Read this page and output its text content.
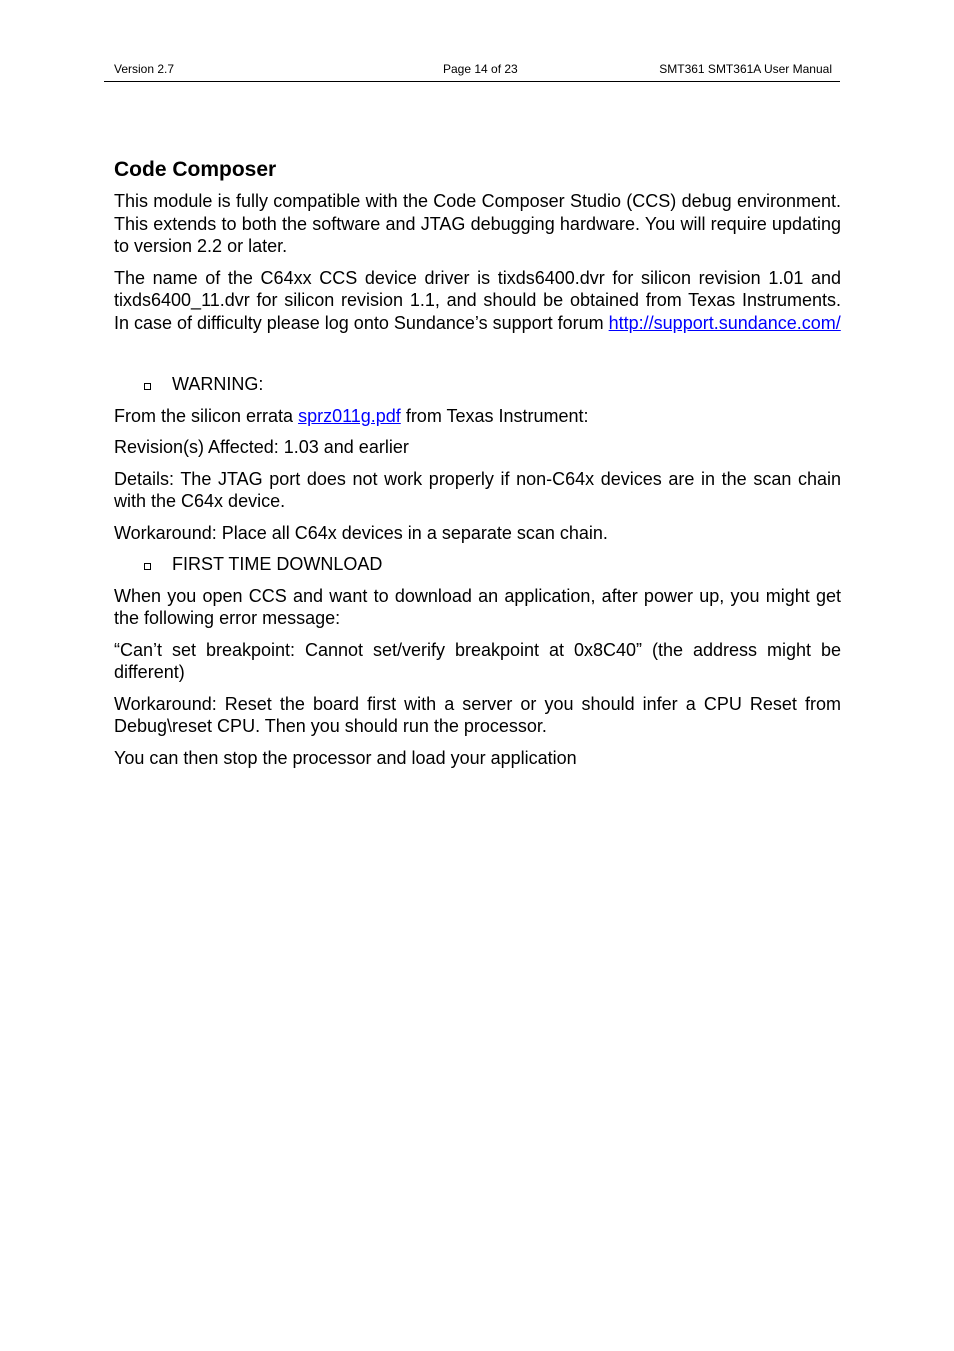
Version 2.7	Page 14 of 23	SMT361 SMT361A User Manual
Code Composer

This module is fully compatible with the Code Composer Studio (CCS) debug environment. This extends to both the software and JTAG debugging hardware. You will require updating to version 2.2 or later.

The name of the C64xx CCS device driver is tixds6400.dvr for silicon revision 1.01 and tixds6400_11.dvr for silicon revision 1.1, and should be obtained from Texas Instruments. In case of difficulty please log onto Sundance’s support forum http://support.sundance.com/

WARNING:

From the silicon errata sprz011g.pdf from Texas Instrument:

Revision(s) Affected: 1.03 and earlier

Details: The JTAG port does not work properly if non-C64x devices are in the scan chain with the C64x device.

Workaround: Place all C64x devices in a separate scan chain.

FIRST TIME DOWNLOAD

When you open CCS and want to download an application, after power up, you might get the following error message:

“Can’t set breakpoint: Cannot set/verify breakpoint at 0x8C40” (the address might be different)

Workaround: Reset the board first with a server or you should infer a CPU Reset from Debug\reset CPU. Then you should run the processor.

You can then stop the processor and load your application
